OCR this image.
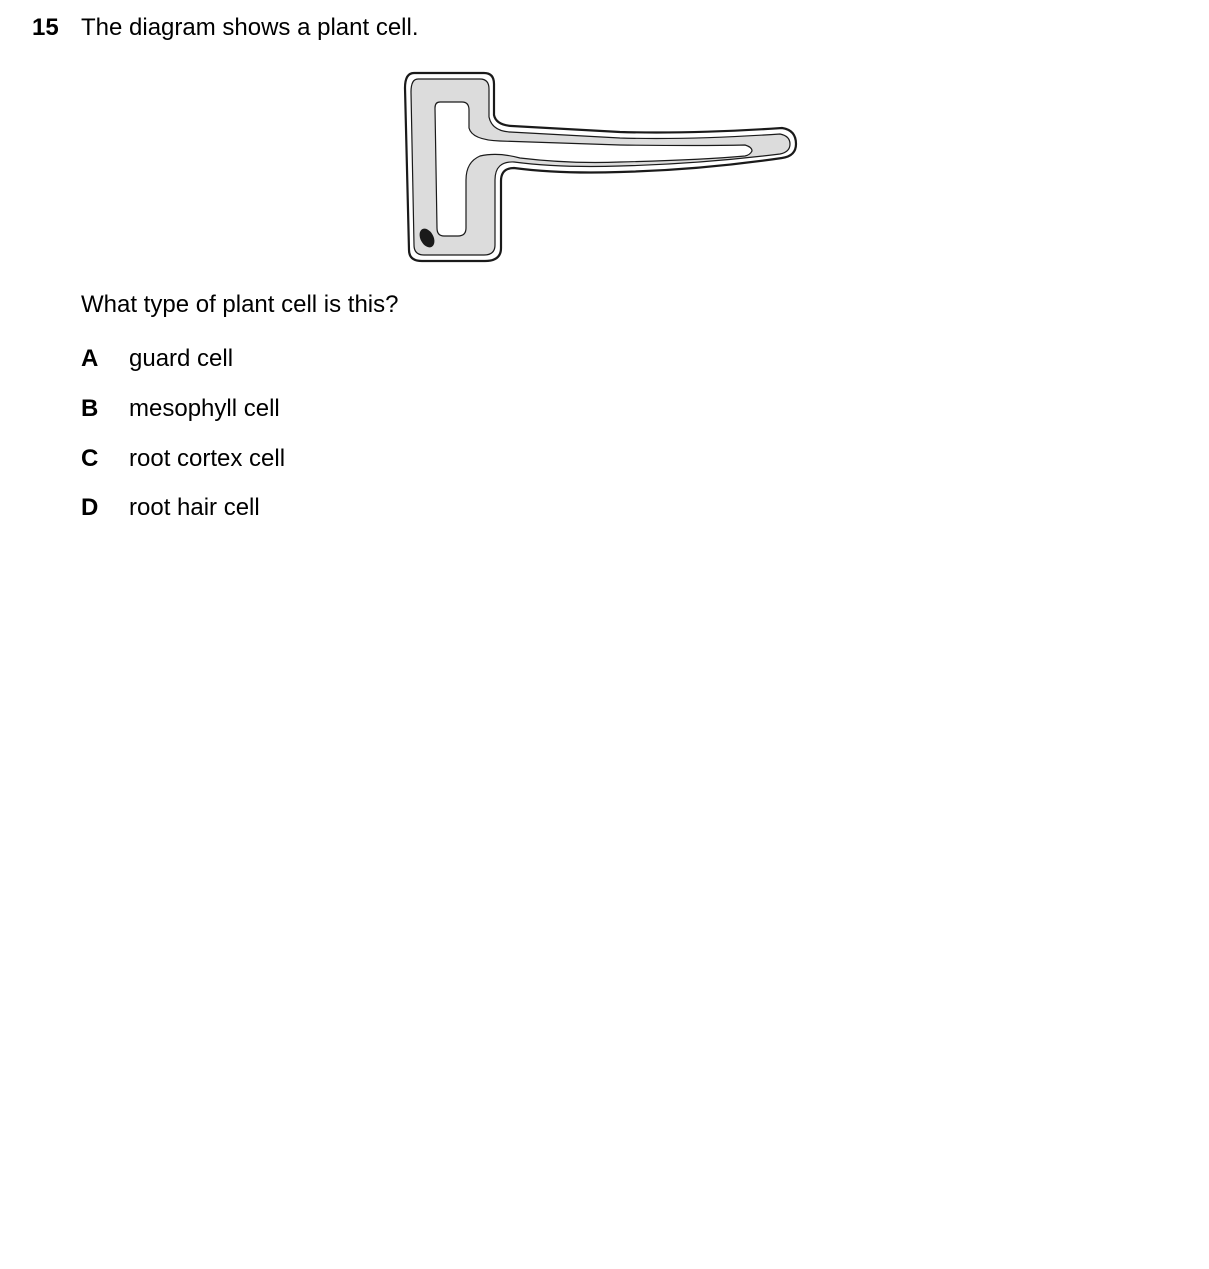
15 The diagram shows a plant cell.
What type of plant cell is this?
A guard cell
B mesophyll cell
C root cortex cell
D root hair cell
